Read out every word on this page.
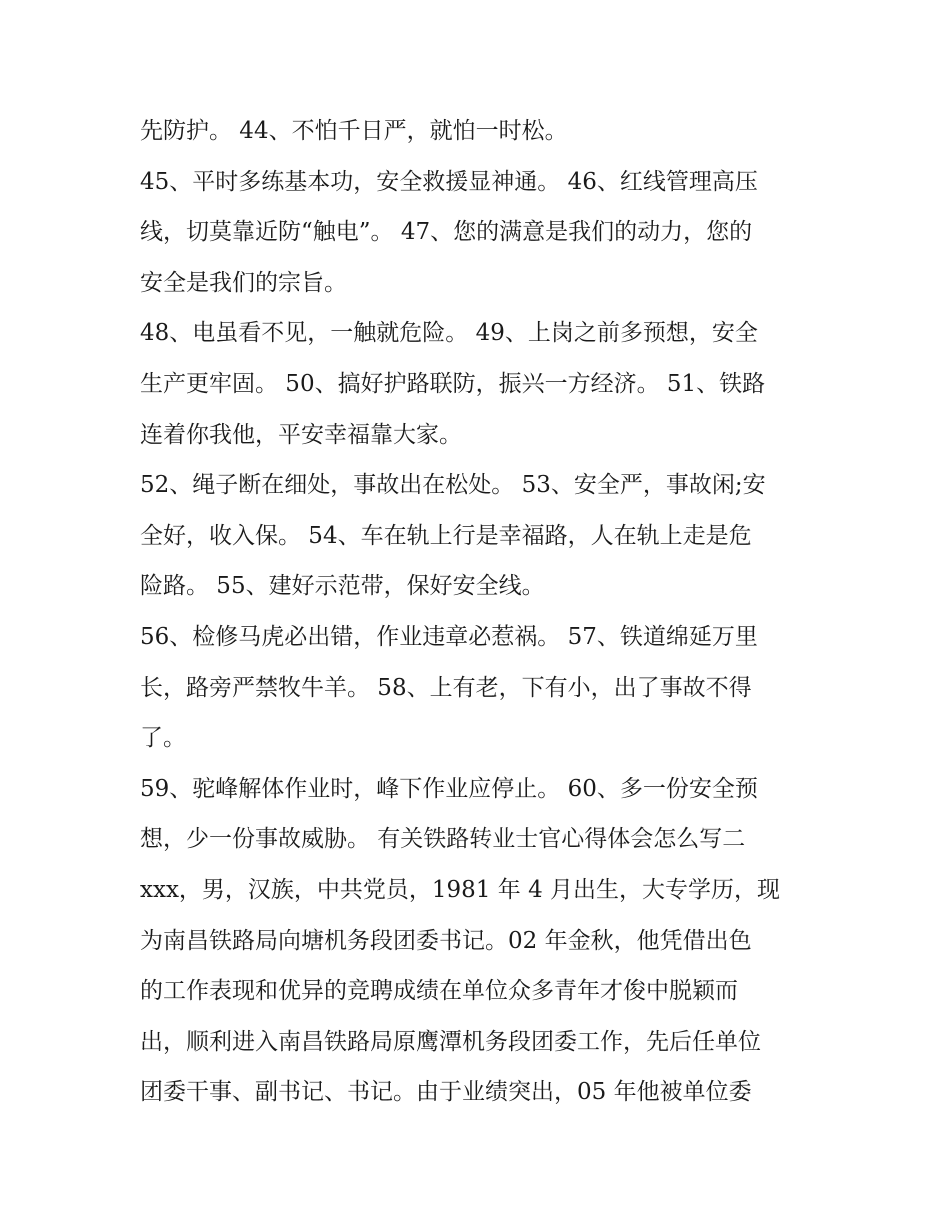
先防护。 44、不怕千日严，就怕一时松。
45、平时多练基本功，安全救援显神通。 46、红线管理高压
线，切莫靠近防“触电”。 47、您的满意是我们的动力，您的
安全是我们的宗旨。
48、电虽看不见，一触就危险。 49、上岗之前多预想，安全
生产更牢固。 50、搞好护路联防，振兴一方经济。 51、铁路
连着你我他，平安幸福靠大家。
52、绳子断在细处，事故出在松处。 53、安全严，事故闲;安
全好，收入保。 54、车在轨上行是幸福路，人在轨上走是危
险路。 55、建好示范带，保好安全线。
56、检修马虎必出错，作业违章必惹祸。 57、铁道绵延万里
长，路旁严禁牧牛羊。 58、上有老，下有小，出了事故不得
了。
59、驼峰解体作业时，峰下作业应停止。 60、多一份安全预
想，少一份事故威胁。 有关铁路转业士官心得体会怎么写二
xxx，男，汉族，中共党员，1981 年 4 月出生，大专学历，现
为南昌铁路局向塘机务段团委书记。02 年金秋，他凭借出色
的工作表现和优异的竞聘成绩在单位众多青年才俊中脱颖而
出，顺利进入南昌铁路局原鹰潭机务段团委工作，先后任单位
团委干事、副书记、书记。由于业绩突出，05 年他被单位委
